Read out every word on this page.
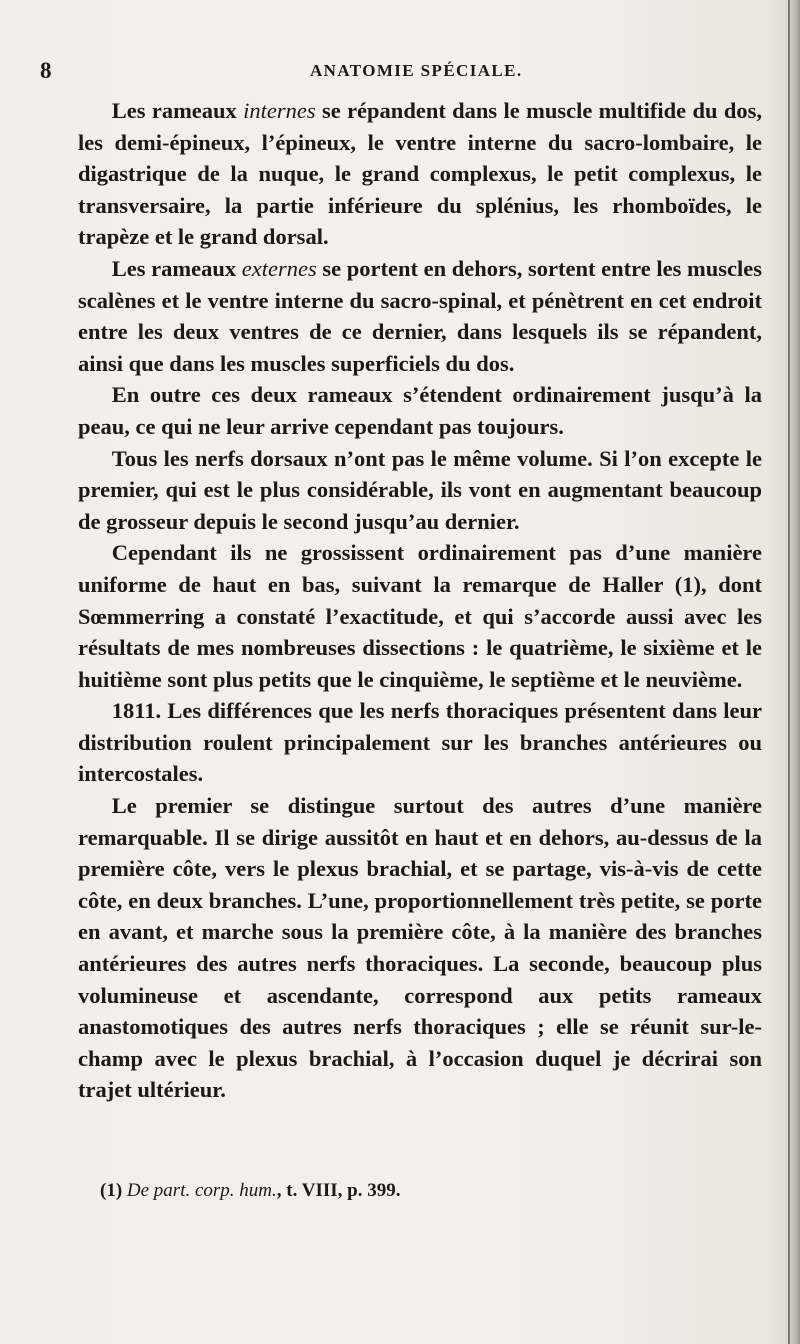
8	ANATOMIE SPÉCIALE.

Les rameaux internes se répandent dans le muscle multifide du dos, les demi-épineux, l’épineux, le ventre interne du sacro-lombaire, le digastrique de la nuque, le grand complexus, le petit complexus, le transversaire, la partie inférieure du splénius, les rhomboïdes, le trapèze et le grand dorsal.

Les rameaux externes se portent en dehors, sortent entre les muscles scalènes et le ventre interne du sacro-spinal, et pénètrent en cet endroit entre les deux ventres de ce dernier, dans lesquels ils se répandent, ainsi que dans les muscles superficiels du dos.

En outre ces deux rameaux s’étendent ordinairement jusqu’à la peau, ce qui ne leur arrive cependant pas toujours.

Tous les nerfs dorsaux n’ont pas le même volume. Si l’on excepte le premier, qui est le plus considérable, ils vont en augmentant beaucoup de grosseur depuis le second jusqu’au dernier.

Cependant ils ne grossissent ordinairement pas d’une manière uniforme de haut en bas, suivant la remarque de Haller (1), dont Sœmmerring a constaté l’exactitude, et qui s’accorde aussi avec les résultats de mes nombreuses dissections : le quatrième, le sixième et le huitième sont plus petits que le cinquième, le septième et le neuvième.

1811. Les différences que les nerfs thoraciques présentent dans leur distribution roulent principalement sur les branches antérieures ou intercostales.

Le premier se distingue surtout des autres d’une manière remarquable. Il se dirige aussitôt en haut et en dehors, au-dessus de la première côte, vers le plexus brachial, et se partage, vis-à-vis de cette côte, en deux branches. L’une, proportionnellement très petite, se porte en avant, et marche sous la première côte, à la manière des branches antérieures des autres nerfs thoraciques. La seconde, beaucoup plus volumineuse et ascendante, correspond aux petits rameaux anastomotiques des autres nerfs thoraciques ; elle se réunit sur-le-champ avec le plexus brachial, à l’occasion duquel je décrirai son trajet ultérieur.

(1) De part. corp. hum., t. VIII, p. 399.
